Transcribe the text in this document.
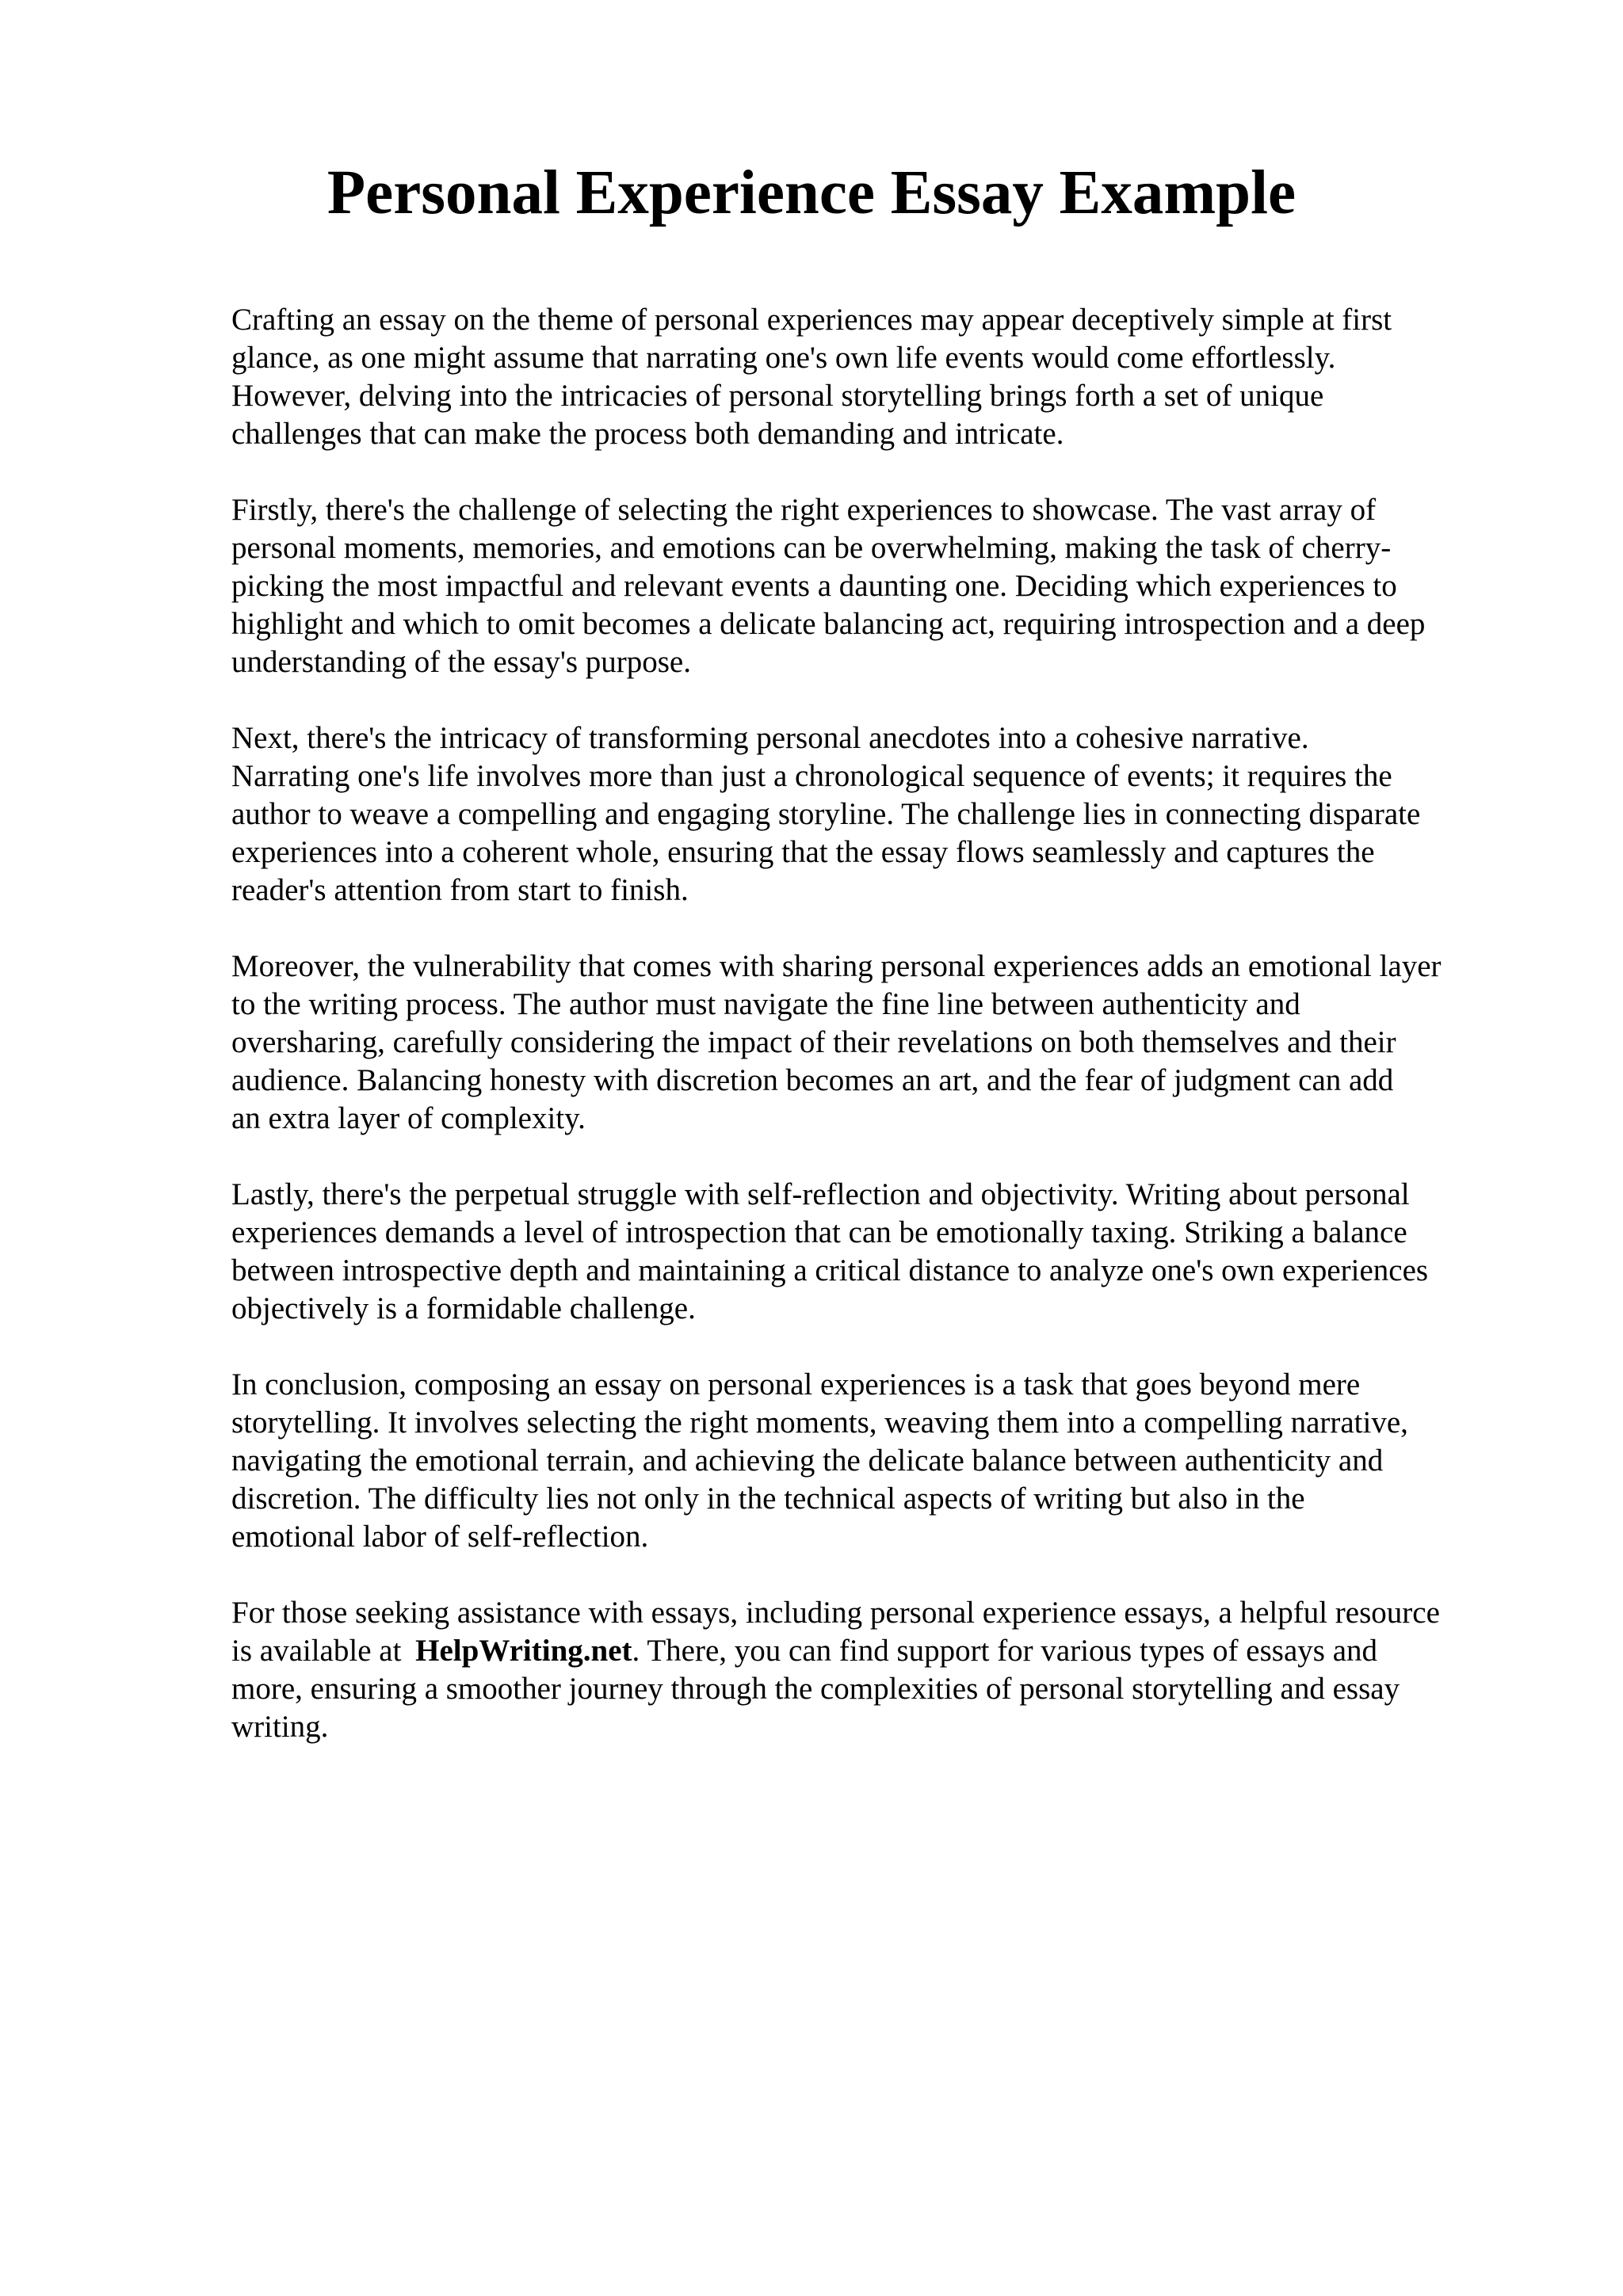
Personal Experience Essay Example

Crafting an essay on the theme of personal experiences may appear deceptively simple at first

glance, as one might assume that narrating one's own life events would come effortlessly.

However, delving into the intricacies of personal storytelling brings forth a set of unique

challenges that can make the process both demanding and intricate.

Firstly, there's the challenge of selecting the right experiences to showcase. The vast array of

personal moments, memories, and emotions can be overwhelming, making the task of cherry-

picking the most impactful and relevant events a daunting one. Deciding which experiences to

highlight and which to omit becomes a delicate balancing act, requiring introspection and a deep

understanding of the essay's purpose.

Next, there's the intricacy of transforming personal anecdotes into a cohesive narrative.

Narrating one's life involves more than just a chronological sequence of events; it requires the

author to weave a compelling and engaging storyline. The challenge lies in connecting disparate

experiences into a coherent whole, ensuring that the essay flows seamlessly and captures the

reader's attention from start to finish.

Moreover, the vulnerability that comes with sharing personal experiences adds an emotional layer

to the writing process. The author must navigate the fine line between authenticity and

oversharing, carefully considering the impact of their revelations on both themselves and their

audience. Balancing honesty with discretion becomes an art, and the fear of judgment can add

an extra layer of complexity.

Lastly, there's the perpetual struggle with self-reflection and objectivity. Writing about personal

experiences demands a level of introspection that can be emotionally taxing. Striking a balance

between introspective depth and maintaining a critical distance to analyze one's own experiences

objectively is a formidable challenge.

In conclusion, composing an essay on personal experiences is a task that goes beyond mere

storytelling. It involves selecting the right moments, weaving them into a compelling narrative,

navigating the emotional terrain, and achieving the delicate balance between authenticity and

discretion. The difficulty lies not only in the technical aspects of writing but also in the

emotional labor of self-reflection.

For those seeking assistance with essays, including personal experience essays, a helpful resource

is available at HelpWriting.net. There, you can find support for various types of essays and

more, ensuring a smoother journey through the complexities of personal storytelling and essay

writing.
